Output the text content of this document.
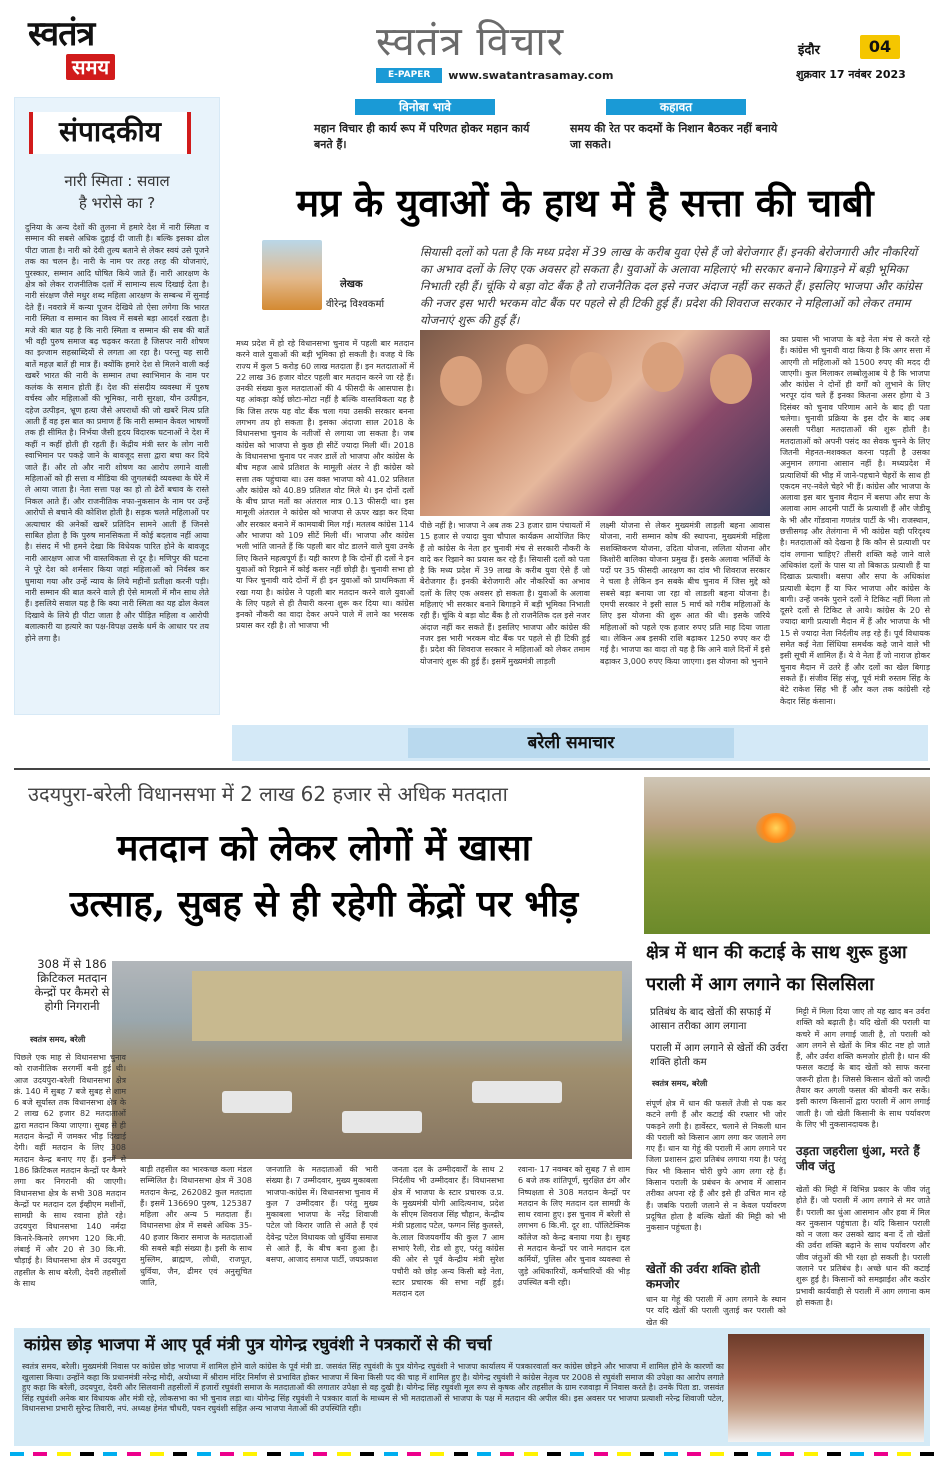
स्वतंत्र
समय
स्वतंत्र विचार
E-PAPER	www.swatantrasamay.com
इंदौर	04
शुक्रवार 17 नवंबर 2023
विनोबा भावे
महान विचार ही कार्य रूप में परिणत होकर महान कार्य बनते हैं।
कहावत
समय की रेत पर कदमों के निशान बैठकर नहीं बनाये जा सकते।
संपादकीय
नारी स्मिता : सवाल
है भरोसे का ?
दुनिया के अन्य देशों की तुलना में हमारे देश में नारी स्मिता व सम्मान की सबसे अधिक दुहाई दी जाती है। बल्कि इसका ढोल पीटा जाता है। नारी को देवी तुल्य बताने से लेकर स्वयं उसे पूजने तक का चलन है। नारी के नाम पर तरह तरह की योजनाएं, पुरस्कार, सम्मान आदि घोषित किये जाते हैं। नारी आरक्षण के क्षेत्र को लेकर राजनीतिक दलों में सामान्य सत्य दिखाई देता है। नारी संरक्षण जैसे मधुर शब्द महिला आरक्षण के सम्बन्ध में सुनाई देते हैं। नवरात्रे में कन्या पूजन देखिये तो ऐसा लगेगा कि भारत नारी स्मिता व सम्मान का विश्व में सबसे बड़ा आदर्श रखता है। मजे की बात यह है कि नारी स्मिता व सम्मान की सब की बातें भी वही पुरुष समाज बढ़ चढ़कर करता है जिसपर नारी शोषण का इल्जाम सहस्राब्दियों से लगता आ रहा है। परन्तु यह सारी बातें महज़ बातें ही मात्र हैं। क्योंकि हमारे देश से मिलने वाली कई खबरें भारत की नारी के सम्मान तथा स्वाभिमान के नाम पर कलंक के समान होती हैं। देश की संसदीय व्यवस्था में पुरुष वर्चस्व और महिलाओं की भूमिका, नारी सुरक्षा, यौन उत्पीड़न, दहेज उत्पीड़न, भ्रूण हत्या जैसे अपराधों की जो खबरें नित्य प्रति आती हैं वह इस बात का प्रमाण हैं कि नारी सम्मान केवल भाषणों तक ही सीमित है। निर्भया जैसी हृदय विदारक घटनाओं ने देश में कहीं न कहीं होती ही रहती हैं। केंद्रीय मंत्री स्तर के लोग नारी स्वाभिमान पर पकड़े जाने के बावजूद सत्ता द्वारा बचा कर दिये जाते हैं। और तो और नारी शोषण का आरोप लगाने वाली महिलाओं को ही सत्ता व मीडिया की जुगलबंदी व्यवस्था के घेरे में ले आया जाता है। नेता सत्ता पक्ष का हो तो ढेरों बचाव के रास्ते निकल आते हैं। और राजनीतिक नफा-नुकसान के नाम पर उन्हें आरोपों से बचाने की कोशिश होती है। सड़क चलते महिलाओं पर अत्याचार की अनेकों खबरें प्रतिदिन सामने आती हैं जिनसे साबित होता है कि पुरुष मानसिकता में कोई बदलाव नहीं आया है। संसद में भी हमने देखा कि विधेयक पारित होने के बावजूद नारी आरक्षण आज भी वास्तविकता से दूर है। मणिपुर की घटना ने पूरे देश को शर्मसार किया जहां महिलाओं को निर्वस्त्र कर घुमाया गया और उन्हें न्याय के लिये महीनों प्रतीक्षा करनी पड़ी। नारी सम्मान की बात करने वाले ही ऐसे मामलों में मौन साध लेते हैं। इसलिये सवाल यह है कि क्या नारी स्मिता का यह ढोल केवल दिखावे के लिये ही पीटा जाता है और पीड़ित महिला व आरोपी बलात्कारी या हत्यारे का पक्ष-विपक्ष उसके धर्म के आधार पर तय होने लगा है।
मप्र के युवाओं के हाथ में है सत्ता की चाबी
लेखक
वीरेन्द्र विश्वकर्मा
सियासी दलों को पता है कि मध्य प्रदेश में 39 लाख के करीब युवा ऐसे हैं जो बेरोजगार हैं। इनकी बेरोजगारी और नौकरियों का अभाव दलों के लिए एक अवसर हो सकता है। युवाओं के अलावा महिलाएं भी सरकार बनाने बिगाड़ने में बड़ी भूमिका निभाती रही हैं। चूंकि ये बड़ा वोट बैंक है तो राजनैतिक दल इसे नजर अंदाज नहीं कर सकते हैं। इसलिए भाजपा और कांग्रेस की नजर इस भारी भरकम वोट बैंक पर पहले से ही टिकी हुई हैं। प्रदेश की शिवराज सरकार ने महिलाओं को लेकर तमाम योजनाएं शुरू की हुई हैं।
मध्य प्रदेश में हो रहे विधानसभा चुनाव में पहली बार मतदान करने वाले युवाओं की बड़ी भूमिका हो सकती है। वजह ये कि राज्य में कुल 5 करोड़ 60 लाख मतदाता हैं। इन मतदाताओं में 22 लाख 36 हजार वोटर पहली बार मतदान करने जा रहे हैं। उनकी संख्या कुल मतदाताओं की 4 फीसदी के आसपास है। यह आंकड़ा कोई छोटा-मोटा नहीं है बल्कि वास्तविकता यह है कि जिस तरफ यह वोट बैंक चला गया उसकी सरकार बनना लगभग तय हो सकता है। इसका अंदाजा साल 2018 के विधानसभा चुनाव के नतीजों से लगाया जा सकता है। जब कांग्रेस को भाजपा से कुछ ही सीटें ज्यादा मिली थीं। 2018 के विधानसभा चुनाव पर नजर डालें तो भाजपा और कांग्रेस के बीच महज आधे प्रतिशत के मामूली अंतर ने ही कांग्रेस को सत्ता तक पहुंचाया था। उस वक्त भाजपा को 41.02 प्रतिशत और कांग्रेस को 40.89 प्रतिशत वोट मिले थे। इन दोनों दलों के बीच प्राप्त मतों का अंतराल मात्र 0.13 फीसदी था। इस मामूली अंतराल ने कांग्रेस को भाजपा से ऊपर खड़ा कर दिया और सरकार बनाने में कामयाबी मिल गई। मतलब कांग्रेस 114 और भाजपा को 109 सीटें मिली थीं। भाजपा और कांग्रेस भली भांति जानते हैं कि पहली बार वोट डालने वाले युवा उनके लिए कितने महत्वपूर्ण हैं। यही कारण है कि दोनों ही दलों ने इन युवाओं को रिझाने में कोई कसर नहीं छोड़ी है। चुनावी सभा हो या फिर चुनावी वादे दोनों में ही इन युवाओं को प्राथमिकता में रखा गया है। कांग्रेस ने पहली बार मतदान करने वाले युवाओं के लिए पहले से ही तैयारी करना शुरू कर दिया था। कांग्रेस इनको नौकरी का वादा देकर अपने पाले में लाने का भरसक प्रयास कर रही है। तो भाजपा भी
पीछे नहीं है। भाजपा ने अब तक 23 हजार ग्राम पंचायतों में 15 हजार से ज्यादा युवा चौपाल कार्यक्रम आयोजित किए हैं तो कांग्रेस के नेता हर चुनावी मंच से सरकारी नौकरी के वादे कर रिझाने का प्रयास कर रहे हैं। सियासी दलों को पता है कि मध्य प्रदेश में 39 लाख के करीब युवा ऐसे हैं जो बेरोजगार हैं। इनकी बेरोजगारी और नौकरियों का अभाव दलों के लिए एक अवसर हो सकता है। युवाओं के अलावा महिलाएं भी सरकार बनाने बिगाड़ने में बड़ी भूमिका निभाती रही हैं। चूंकि ये बड़ा वोट बैंक है तो राजनैतिक दल इसे नजर अंदाज नहीं कर सकते हैं। इसलिए भाजपा और कांग्रेस की नजर इस भारी भरकम वोट बैंक पर पहले से ही टिकी हुई हैं। प्रदेश की शिवराज सरकार ने महिलाओं को लेकर तमाम योजनाएं शुरू की हुई हैं। इसमें मुख्यमंत्री लाड़ली
लक्ष्मी योजना से लेकर मुख्यमंत्री लाड़ली बहना आवास योजना, नारी सम्मान कोष की स्थापना, मुख्यमंत्री महिला सशक्तिकरण योजना, उदिता योजना, ललिता योजना और किशोरी बालिका योजना प्रमुख हैं। इसके अलावा भर्तियों के पदों पर 35 फीसदी आरक्षण का दांव भी शिवराज सरकार ने चला है लेकिन इन सबके बीच चुनाव में जिस मुद्दे को सबसे बड़ा बनाया जा रहा वो लाडली बहना योजना है। एमपी सरकार ने इसी साल 5 मार्च को गरीब महिलाओं के लिए इस योजना की शुरू आत की थी। इसके जरिये महिलाओं को पहले एक हजार रुपए प्रति माह दिया जाता था। लेकिन अब इसकी राशि बढ़ाकर 1250 रुपए कर दी गई है। भाजपा का वादा तो यह है कि आने वाले दिनों में इसे बढ़ाकर 3,000 रुपए किया जाएगा। इस योजना को भुनाने
का प्रयास भी भाजपा के बड़े नेता मंच से करते रहे हैं। कांग्रेस भी चुनावी वादा किया है कि अगर सत्ता में आएगी तो महिलाओं को 1500 रुपए की मदद दी जाएगी। कुल मिलाकर लब्बोलुआब ये है कि भाजपा और कांग्रेस ने दोनों ही वर्गों को लुभाने के लिए भरपूर दांव चले हैं इनका कितना असर होगा ये 3 दिसंबर को चुनाव परिणाम आने के बाद ही पता चलेगा। चुनावी प्रक्रिया के इस दौर के बाद अब असली परीक्षा मतदाताओं की शुरू होती है। मतदाताओं को अपनी पसंद का सेवक चुनने के लिए जितनी मेहनत-मशक्कत करना पड़ती है उसका अनुमान लगाना आसान नहीं है। मध्यप्रदेश में प्रत्याशियों की भीड़ में जाने-पहचाने चेहरों के साथ ही एकदम नए-नवेले चेहरे भी हैं। कांग्रेस और भाजपा के अलावा इस बार चुनाव मैदान में बसपा और सपा के अलावा आम आदमी पार्टी के प्रत्याशी हैं और जेडीयू के भी और गोंडवाना गणतंत्र पार्टी के भी। राजस्थान, छत्तीसगढ़ और तेलंगाना में भी कांग्रेस यही परिदृश्य है। मतदाताओं को देखना है कि कौन से प्रत्याशी पर दांव लगाना चाहिए? तीसरी शक्ति कहे जाने वाले अधिकांश दलों के पास या तो बिकाऊ प्रत्याशी हैं या दिखाऊ प्रत्याशी। बसपा और सपा के अधिकांश प्रत्याशी बेदाग हैं या फिर भाजपा और कांग्रेस के बागी। उन्हें जनके पुराने दलों ने टिकिट नहीं मिला तो दूसरे दलों से टिकिट ले आये। कांग्रेस के 20 से ज्यादा बागी प्रत्याशी मैदान में हैं और भाजपा के भी 15 से ज्यादा नेता निर्दलीय लड़ रहे हैं। पूर्व विधायक समेत कई नेता सिंधिया समर्थक कहे जाने वाले भी इसी सूची में शामिल हैं। ये वे नेता हैं जो नाराज होकर चुनाव मैदान में उतरे हैं और दलों का खेल बिगाड़ सकते हैं। संजीव सिंह संजू, पूर्व मंत्री रुस्तम सिंह के बेटे राकेश सिंह भी हैं और कल तक कांग्रेसी रहे केदार सिंह कंसाना।
बरेली समाचार
उदयपुरा-बरेली विधानसभा में 2 लाख 62 हजार से अधिक मतदाता
मतदान को लेकर लोगों में खासा
उत्साह, सुबह से ही रहेगी केंद्रों पर भीड़
308 में से 186 क्रिटिकल मतदान केन्द्रों पर कैमरो से होगी निगरानी
स्वतंत्र समय, बरेली
पिछले एक माह से विधानसभा चुनाव को राजनीतिक सरगर्मी बनी हुई थी। आज उदयपुरा-बरेली विधानसभा क्षेत्र क्रं. 140 में सुबह 7 बजे सुबह से शाम 6 बजे सूर्यास्त तक विधानसभा क्षेत्र के 2 लाख 62 हजार 82 मतदाताओं द्वारा मतदान किया जाएगा। सुबह से ही मतदान केन्द्रों में जमकर भीड़ दिखाई देगी। वहीं मतदान के लिए 308 मतदान केन्द्र बनाए गए हैं। इनमें से 186 क्रिटिकल मतदान केन्द्रों पर कैमरे लगा कर निगरानी की जाएगी। विधानसभा क्षेत्र के सभी 308 मतदान केन्द्रों पर मतदान दल ईव्हीएम मशीनों, सामग्री के साथ रवाना होते रहे। उदयपुरा विधानसभा 140 नर्मदा किनारे-किनारे लगभग 120 कि.मी. लंबाई में और 20 से 30 कि.मी. चौड़ाई है। विधानसभा क्षेत्र में उदयपुरा तहसील के साथ बरेली, देवरी तहसीलों के साथ
बाड़ी तहसील का भारकच्छ कला मंडल सम्मिलित है। विधानसभा क्षेत्र में 308 मतदान केन्द्र, 262082 कुल मतदाता हैं। इसमें 136690 पुरुष, 125387 महिला और अन्य 5 मतदाता हैं। विधानसभा क्षेत्र में सबसे अधिक 35-40 हजार किरार समाज के मतदाताओं की सबसे बड़ी संख्या है। इसी के साथ मुस्लिम, ब्राह्मण, लोधी, राजपूत, धुर्विया, जैन, ढीमर एवं अनुसूचित जाति,
जनजाति के मतदाताओं की भारी संख्या है। 7 उम्मीदवार, मुख्य मुकाबला भाजपा-कांग्रेस में। विधानसभा चुनाव में कुल 7 उम्मीदवार हैं। परंतु मुख्य मुकाबला भाजपा के नरेंद्र शिवाजी पटेल जो किरार जाति से आते हैं एवं देवेन्द्र पटेल विधायक जो धुर्विया समाज से आते हैं, के बीच बना हुआ है। बसपा, आजाद समाज पार्टी, जयप्रकाश
जनता दल के उम्मीदवार्रों के साथ 2 निर्दलीय भी उम्मीदवार हैं। विधानसभा क्षेत्र में भाजपा के स्टार प्रचारक उ.प्र. के मुख्यमंत्री योगी आदित्यनाथ, प्रदेश के सीएम शिवराज सिंह चौहान, केन्द्रीय मंत्री प्रहलाद पटेल, फग्गन सिंह कुलस्ते, के.लाल विजयवर्गीय की कुल 7 आम सभाएं रैली, रोड शो हुए, परंतु कांग्रेस की ओर से पूर्व केन्द्रीय मंत्री सुरेश पचौरी को छोड़ अन्य किसी बड़े नेता, स्टार प्रचारक की सभा नहीं हुई। मतदान दल
रवाना- 17 नवम्बर को सुबह 7 से शाम 6 बजे तक शांतिपूर्ण, सुरक्षित ढंग और निष्पक्षता से 308 मतदान केन्द्रों पर मतदान के लिए मतदान दल सामग्री के साथ रवाना हुए। इस चुनाव में बरेली से लगभग 6 कि.मी. दूर शा. पॉलिटेक्निक कॉलेज को केन्द्र बनाया गया है। सुबह से मतदान केन्द्रों पर जाने मतदान दल कर्मियों, पुलिस और चुनाव व्यवस्था से जुड़े अधिकारियों, कर्मचारियों की भीड़ उपस्थित बनी रही।
क्षेत्र में धान की कटाई के साथ शुरू हुआ
पराली में आग लगाने का सिलसिला
प्रतिबंध के बाद खेतों की सफाई में आसान तरीका आग लगाना
पराली में आग लगाने से खेतों की उर्वरा शक्ति होती कम
स्वतंत्र समय, बरेली
संपूर्ण क्षेत्र में धान की फसलें तेजी से पक कर कटने लगी हैं और कटाई की रफ्तार भी जोर पकड़ने लगी है। हार्वेस्टर, चलाने से निकली धान की पराली को किसान आग लगा कर जलाने लग गए हैं। धान या गेहूं की पराली में आग लगाने पर जिला प्रशासन द्वारा प्रतिबंध लगाया गया है। परंतु फिर भी किसान चोरी छुपे आग लगा रहे हैं। किसान पराली के प्रबंधन के अभाव में आसान तरीका अपना रहे हैं और इसे ही उचित मान रहे हैं। जबकि पराली जलाने से न केवल पर्यावरण प्रदूषित होता है बल्कि खेतों की मिट्टी को भी नुकसान पहुंचता है।
खेतों की उर्वरा शक्ति होती कमजोर
धान या गेहूं की पराली में आग लगाने के स्थान पर यदि खेतों की पराली जुताई कर पराली को खेत की
मिट्टी में मिला दिया जाए तो यह खाद बन उर्वरा शक्ति को बढ़ाती है। यदि खेतों की पराली या कचरे में आग लगाई जाती है, तो पराली को आग लगने से खेतों के मित्र कीट नष्ट हो जाते हैं, और उर्वरा शक्ति कमजोर होती है। धान की फसल कटाई के बाद खेतों को साफ करना जरूरी होता है। जिससे किसान खेतों को जल्दी तैयार कर अगली फसल की बोवनी कर सकें। इसी कारण किसानों द्वारा पराली में आग लगाई जाती है। जो खेती किसानी के साथ पर्यावरण के लिए भी नुकसानदायक है।
उड़ता जहरीला धुंआ, मरते हैं जीव जंतु
खेतों की मिट्टी में विभिन्न प्रकार के जीव जंतु होते हैं। जो पराली में आग लगाने से मर जाते हैं। पराली का धुंआ आसमान और हवा में मिल कर नुकसान पहुंचाता है। यदि किसान पराली को न जला कर उसको खाद बना दें तो खेतों की उर्वरा शक्ति बढ़ाने के साथ पर्यावरण और जीव जंतुओं की भी रक्षा हो सकती है। पराली जलाने पर प्रतिबंध है। अच्छे धान की कटाई शुरू हुई है। किसानों को समझाईश और कठोर प्रभावी कार्यवाही से पराली में आग लगाना कम हो सकता है।
कांग्रेस छोड़ भाजपा में आए पूर्व मंत्री पुत्र योगेन्द्र रघुवंशी ने पत्रकारों से की चर्चा
स्वतंत्र समय, बरेली। मुख्यमंत्री निवास पर कांग्रेस छोड़ भाजपा में शामिल होने वाले कांग्रेस के पूर्व मंत्री डा. जसवंत सिंह रघुवंशी के पुत्र योगेन्द्र रघुवंशी ने भाजपा कार्यालय में पत्रकारवार्ता कर कांग्रेस छोड़ने और भाजपा में शामिल होने के कारणों का खुलासा किया। उन्होंने कहा कि प्रधानमंत्री नरेन्द्र मोदी, अयोध्या में श्रीराम मंदिर निर्माण से प्रभावित होकर भाजपा में बिना किसी पद की चाह में शामिल हुए है। योगेन्द्र रघुवंशी ने कांग्रेस नेतृत्व पर 2008 से रघुवंशी समाज की उपेक्षा का आरोप लगाते हुए कहा कि बरेली, उदयपुरा, देवरी और सिलवानी तहसीलों में हजारों रघुवंशी समाज के मतदाताओं की लगातार उपेक्षा से वह दुखी है। योगेन्द्र सिंह रघुवंशी मूल रूप से कृषक और तहसील के ग्राम रजवाड़ा में निवास करते है। उनके पिता डा. जसवंत सिंह रघुवंशी अनेक बार विधायक और मंत्री रहे, लोकसभा का भी चुनाव लड़ा था। योगेन्द्र सिंह रघुवंशी ने पत्रकार वार्ता के माध्यम से भी मतदाताओं से भाजपा के पक्ष में मतदान की अपील की। इस अवसर पर भाजपा प्रत्याशी नरेन्द्र शिवाजी पटेल, विधानसभा प्रभारी सुरेन्द्र तिवारी, नपं. अध्यक्ष हेमंत चौधरी, पवन रघुवंशी सहित अन्य भाजपा नेताओं की उपस्थिति रही।
